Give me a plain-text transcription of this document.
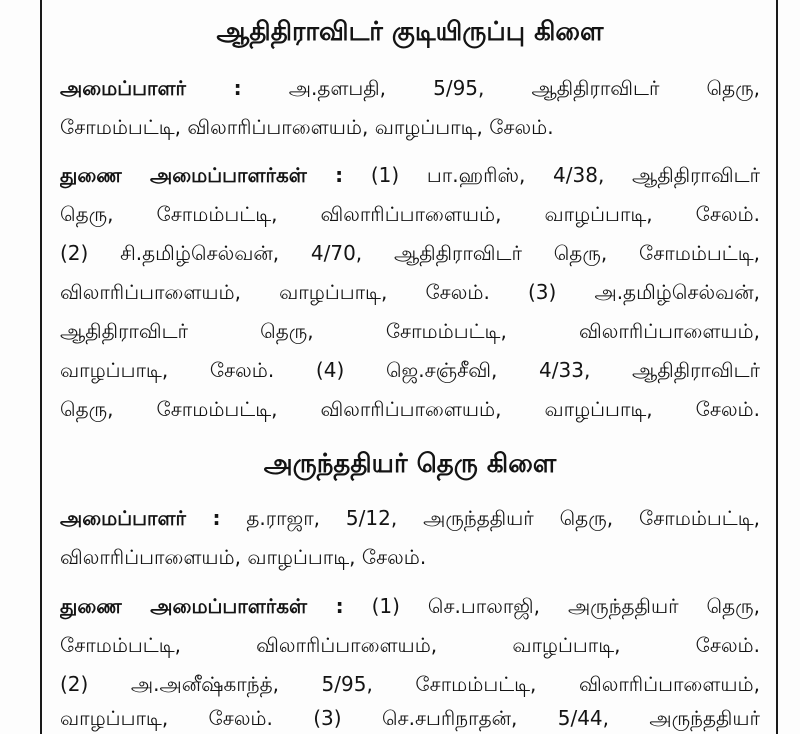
ஆதிதிராவிடர் குடியிருப்பு கிளை
அமைப்பாளர் : அ.தளபதி, 5/95, ஆதிதிராவிடர் தெரு,
சோமம்பட்டி, விலாரிப்பாளையம், வாழப்பாடி, சேலம்.
துணை அமைப்பாளர்கள் : (1) பா.ஹரிஸ், 4/38, ஆதிதிராவிடர்
தெரு, சோமம்பட்டி, விலாரிப்பாளையம், வாழப்பாடி, சேலம்.
(2) சி.தமிழ்செல்வன், 4/70, ஆதிதிராவிடர் தெரு, சோமம்பட்டி,
விலாரிப்பாளையம், வாழப்பாடி, சேலம். (3) அ.தமிழ்செல்வன்,
ஆதிதிராவிடர் தெரு, சோமம்பட்டி, விலாரிப்பாளையம்,
வாழப்பாடி, சேலம். (4) ஜெ.சஞ்சீவி, 4/33, ஆதிதிராவிடர்
தெரு, சோமம்பட்டி, விலாரிப்பாளையம், வாழப்பாடி, சேலம்.
அருந்ததியர் தெரு கிளை
அமைப்பாளர் : த.ராஜா, 5/12, அருந்ததியர் தெரு, சோமம்பட்டி,
விலாரிப்பாளையம், வாழப்பாடி, சேலம்.
துணை அமைப்பாளர்கள் : (1) செ.பாலாஜி, அருந்ததியர் தெரு,
சோமம்பட்டி, விலாரிப்பாளையம், வாழப்பாடி, சேலம்.
(2) அ.அனீஷ்காந்த், 5/95, சோமம்பட்டி, விலாரிப்பாளையம்,
வாழப்பாடி, சேலம். (3) செ.சபரிநாதன், 5/44, அருந்ததியர்
